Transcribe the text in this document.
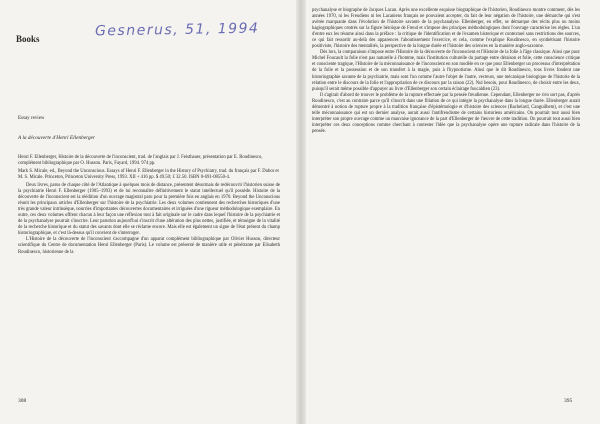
Gesnerus, 51, 1994
Books
Essay review
A la découverte d'Henri Ellenberger

Henri F. Ellenberger, Histoire de la découverte de l'inconscient, trad. de l'anglais par J. Feisthauer, présentation par E. Roudinesco, complément bibliographique par O. Husson. Paris, Fayard, 1994. 974 pp.

Mark S. Micale, ed., Beyond the Unconscious. Essays of Henri F. Ellenberger in the History of Psychiatry, trad. du français par F. Dubor et M. S. Micale. Princeton, Princeton University Press, 1993. XII + 416 pp. $ 49.50; £ 32.50. ISBN 0-691-08550-4.

Deux livres, parus de chaque côté de l'Atlantique à quelques mois de distance, présentent désormais de redécouvrir l'historien suisse de la psychiatrie Henri F. Ellenberger (1905–1993) et de lui reconnaître définitivement le statut intellectuel qu'il possède. Histoire de la découverte de l'inconscient est la réédition d'un ouvrage magistral paru pour la première fois en anglais en 1970. Beyond the Unconscious réunit les principaux articles d'Ellenberger sur l'histoire de la psychiatrie. Les deux volumes contiennent des recherches historiques d'une très grande valeur intrinsèque, nourries d'importantes découvertes documentaires et irriguées d'une rigueur méthodologique exemplaire. En outre, ces deux volumes offrent chacun à leur façon une réflexion tout à fait originale sur le cadre dans lequel l'histoire de la psychiatrie et de la psychanalyse pourrait s'inscrire. Leur parution aujourd'hui s'inscrit d'une altération des plus nettes, justifiée, et témoigne de la vitalité de la recherche historique et du statut des savants dont elle se réclame encore. Mais elle est également un signe de l'état présent du champ historiographique, et c'est là-dessus qu'il convient de s'interroger.

L'Histoire de la découverte de l'inconscient s'accompagne d'un apparat complément bibliographique par Olivier Husson, directeur scientifique du Centre de documentation Henri Ellenberger (Paris). Le volume est présenté de manière utile et pénétrante par Elisabeth Roudinesco, historienne de la

308

psychanalyse et biographe de Jacques Lacan. Après une excellente esquisse biographique de l'historien, Roudinesco montre comment, dès les années 1970, ni les Freudiens ni les Lacaniens français ne pouvaient accepter, du fait de leur négation de l'histoire, une démarche qui s'est avérée marquante dans l'évolution de l'histoire savante de la psychanalyse. Ellenberger, en effet, se démarque des récits plus ou moins hagiographiques centrés sur la figure héroïque de Freud et s'impose des principes méthodologiques dont l'ouvrage caractérise les règles. L'un d'entre eux les résume ainsi dans la préface : la critique de l'identification et de l'examen historique et contextuel sans restrictions des sources, ce qui fait ressortir au-delà des apparences l'aboutissement l'exercice, et cela, comme l'explique Roudinesco, en synthétisant l'histoire positiviste, l'histoire des mentalités, la perspective de la longue durée et l'histoire des sciences en la manière anglo-saxonne.

Dès lors, la comparaison s'impose entre l'Histoire de la découverte de l'inconscient et l'Histoire de la folie à l'âge classique. Ainsi que pour Michel Foucault la folie n'est pas naturelle à l'homme, mais l'institution culturelle du partage entre déraison et folie, cette conscience critique et consciente tragique, l'Histoire de la méconnaissance de l'inconscient en son modèle en ce que pour Ellenberger un processus d'interprétation de la folie et la possession et de son transfert à la magie, puis à l'hypnotisme. Ainsi que le dit Roudinesco, tous livres fondent une historiographie savante de la psychiatrie, mais sont l'un comme l'autre l'objet de l'autre, vecteurs, une mécanique biologique de l'historie de la relation entre le discours de la folie et l'appropriation de ce discours par la raison (22). Nul besoin, pour Roudinesco, de choisir entre les deux, puisqu'il serait même possible d'appuyer au livre d'Ellenberger son certain éclairage foucaldien (23).

Il s'agirait d'abord de trouver le problème de la rupture effectuée par la pensée freudienne. Cependant, Ellenberger ne s'en sort pas, d'après Roudinesco, c'est au contraire parce qu'il s'inscrit dans une filiation de ce qui intègre la psychanalyse dans la longue durée. Ellenberger aurait démontré à notion de rupture propre à la tradition française d'épistémologie et d'histoire des sciences (Bachelard, Canguilhem), et c'est une telle méconnaissance qui est un dernier analyse, aurait aussi l'antifreudisme de certains historiens américains. On pourrait tout aussi bien interpréter son propre ouvrage comme un mauvaise ignorance de la part d'Ellenberger de l'œuvre de cette tradition. On pourrait tout aussi bien interpréter ces deux conceptions comme cherchant à contester l'idée que la psychanalyse opère une rupture radicale dans l'histoire de la pensée.

395
